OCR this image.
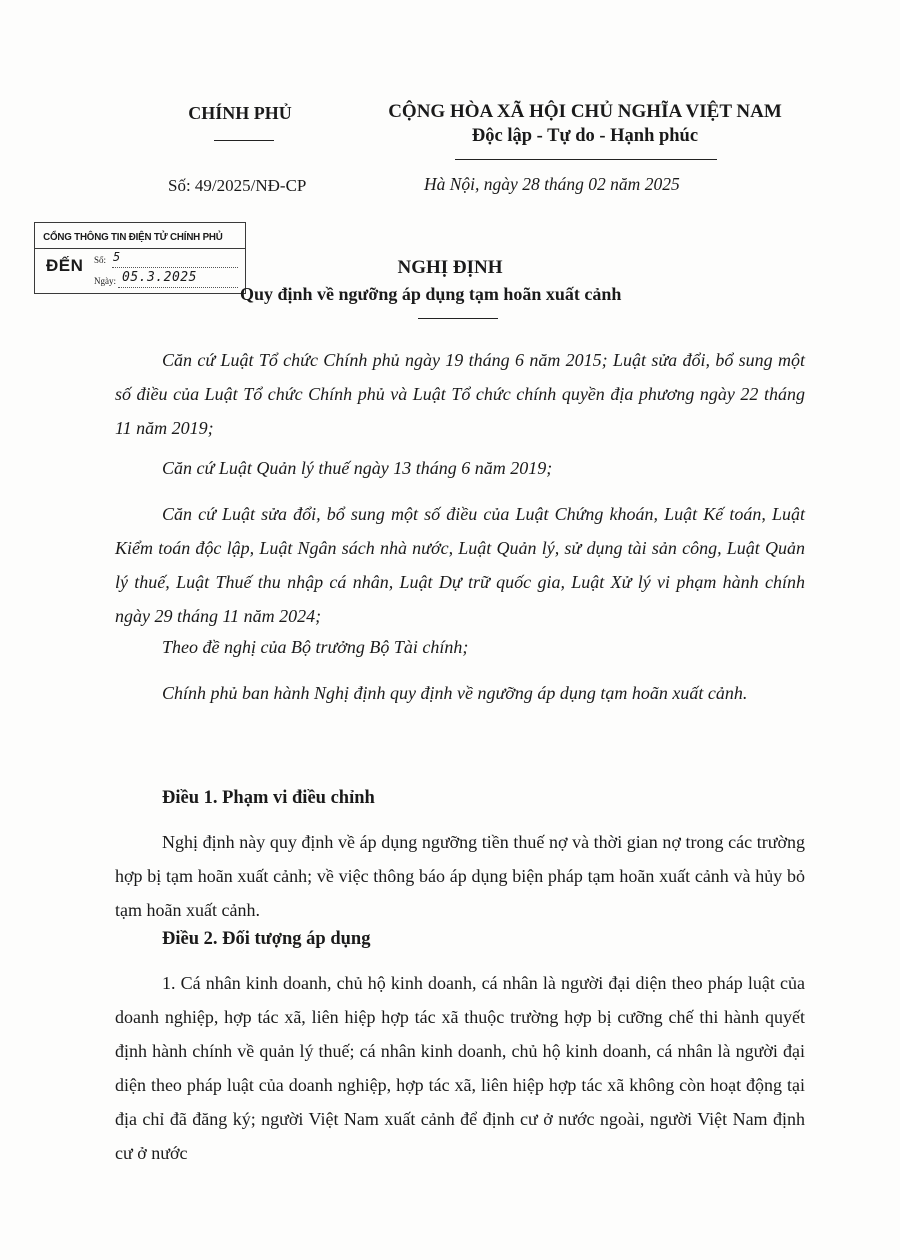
CHÍNH PHỦ	CỘNG HÒA XÃ HỘI CHỦ NGHĨA VIỆT NAM
Độc lập - Tự do - Hạnh phúc
Số: 49/2025/NĐ-CP	Hà Nội, ngày 28 tháng 02 năm 2025
CỔNG THÔNG TIN ĐIỆN TỬ CHÍNH PHỦ
ĐẾN Số: 5
Ngày: 05.3.2025	NGHỊ ĐỊNH
Quy định về ngưỡng áp dụng tạm hoãn xuất cảnh

Căn cứ Luật Tổ chức Chính phủ ngày 19 tháng 6 năm 2015; Luật sửa đổi, bổ sung một số điều của Luật Tổ chức Chính phủ và Luật Tổ chức chính quyền địa phương ngày 22 tháng 11 năm 2019;

Căn cứ Luật Quản lý thuế ngày 13 tháng 6 năm 2019;

Căn cứ Luật sửa đổi, bổ sung một số điều của Luật Chứng khoán, Luật Kế toán, Luật Kiểm toán độc lập, Luật Ngân sách nhà nước, Luật Quản lý, sử dụng tài sản công, Luật Quản lý thuế, Luật Thuế thu nhập cá nhân, Luật Dự trữ quốc gia, Luật Xử lý vi phạm hành chính ngày 29 tháng 11 năm 2024;

Theo đề nghị của Bộ trưởng Bộ Tài chính;

Chính phủ ban hành Nghị định quy định về ngưỡng áp dụng tạm hoãn xuất cảnh.

Điều 1. Phạm vi điều chỉnh

Nghị định này quy định về áp dụng ngưỡng tiền thuế nợ và thời gian nợ trong các trường hợp bị tạm hoãn xuất cảnh; về việc thông báo áp dụng biện pháp tạm hoãn xuất cảnh và hủy bỏ tạm hoãn xuất cảnh.

Điều 2. Đối tượng áp dụng

1. Cá nhân kinh doanh, chủ hộ kinh doanh, cá nhân là người đại diện theo pháp luật của doanh nghiệp, hợp tác xã, liên hiệp hợp tác xã thuộc trường hợp bị cưỡng chế thi hành quyết định hành chính về quản lý thuế; cá nhân kinh doanh, chủ hộ kinh doanh, cá nhân là người đại diện theo pháp luật của doanh nghiệp, hợp tác xã, liên hiệp hợp tác xã không còn hoạt động tại địa chỉ đã đăng ký; người Việt Nam xuất cảnh để định cư ở nước ngoài, người Việt Nam định cư ở nước
